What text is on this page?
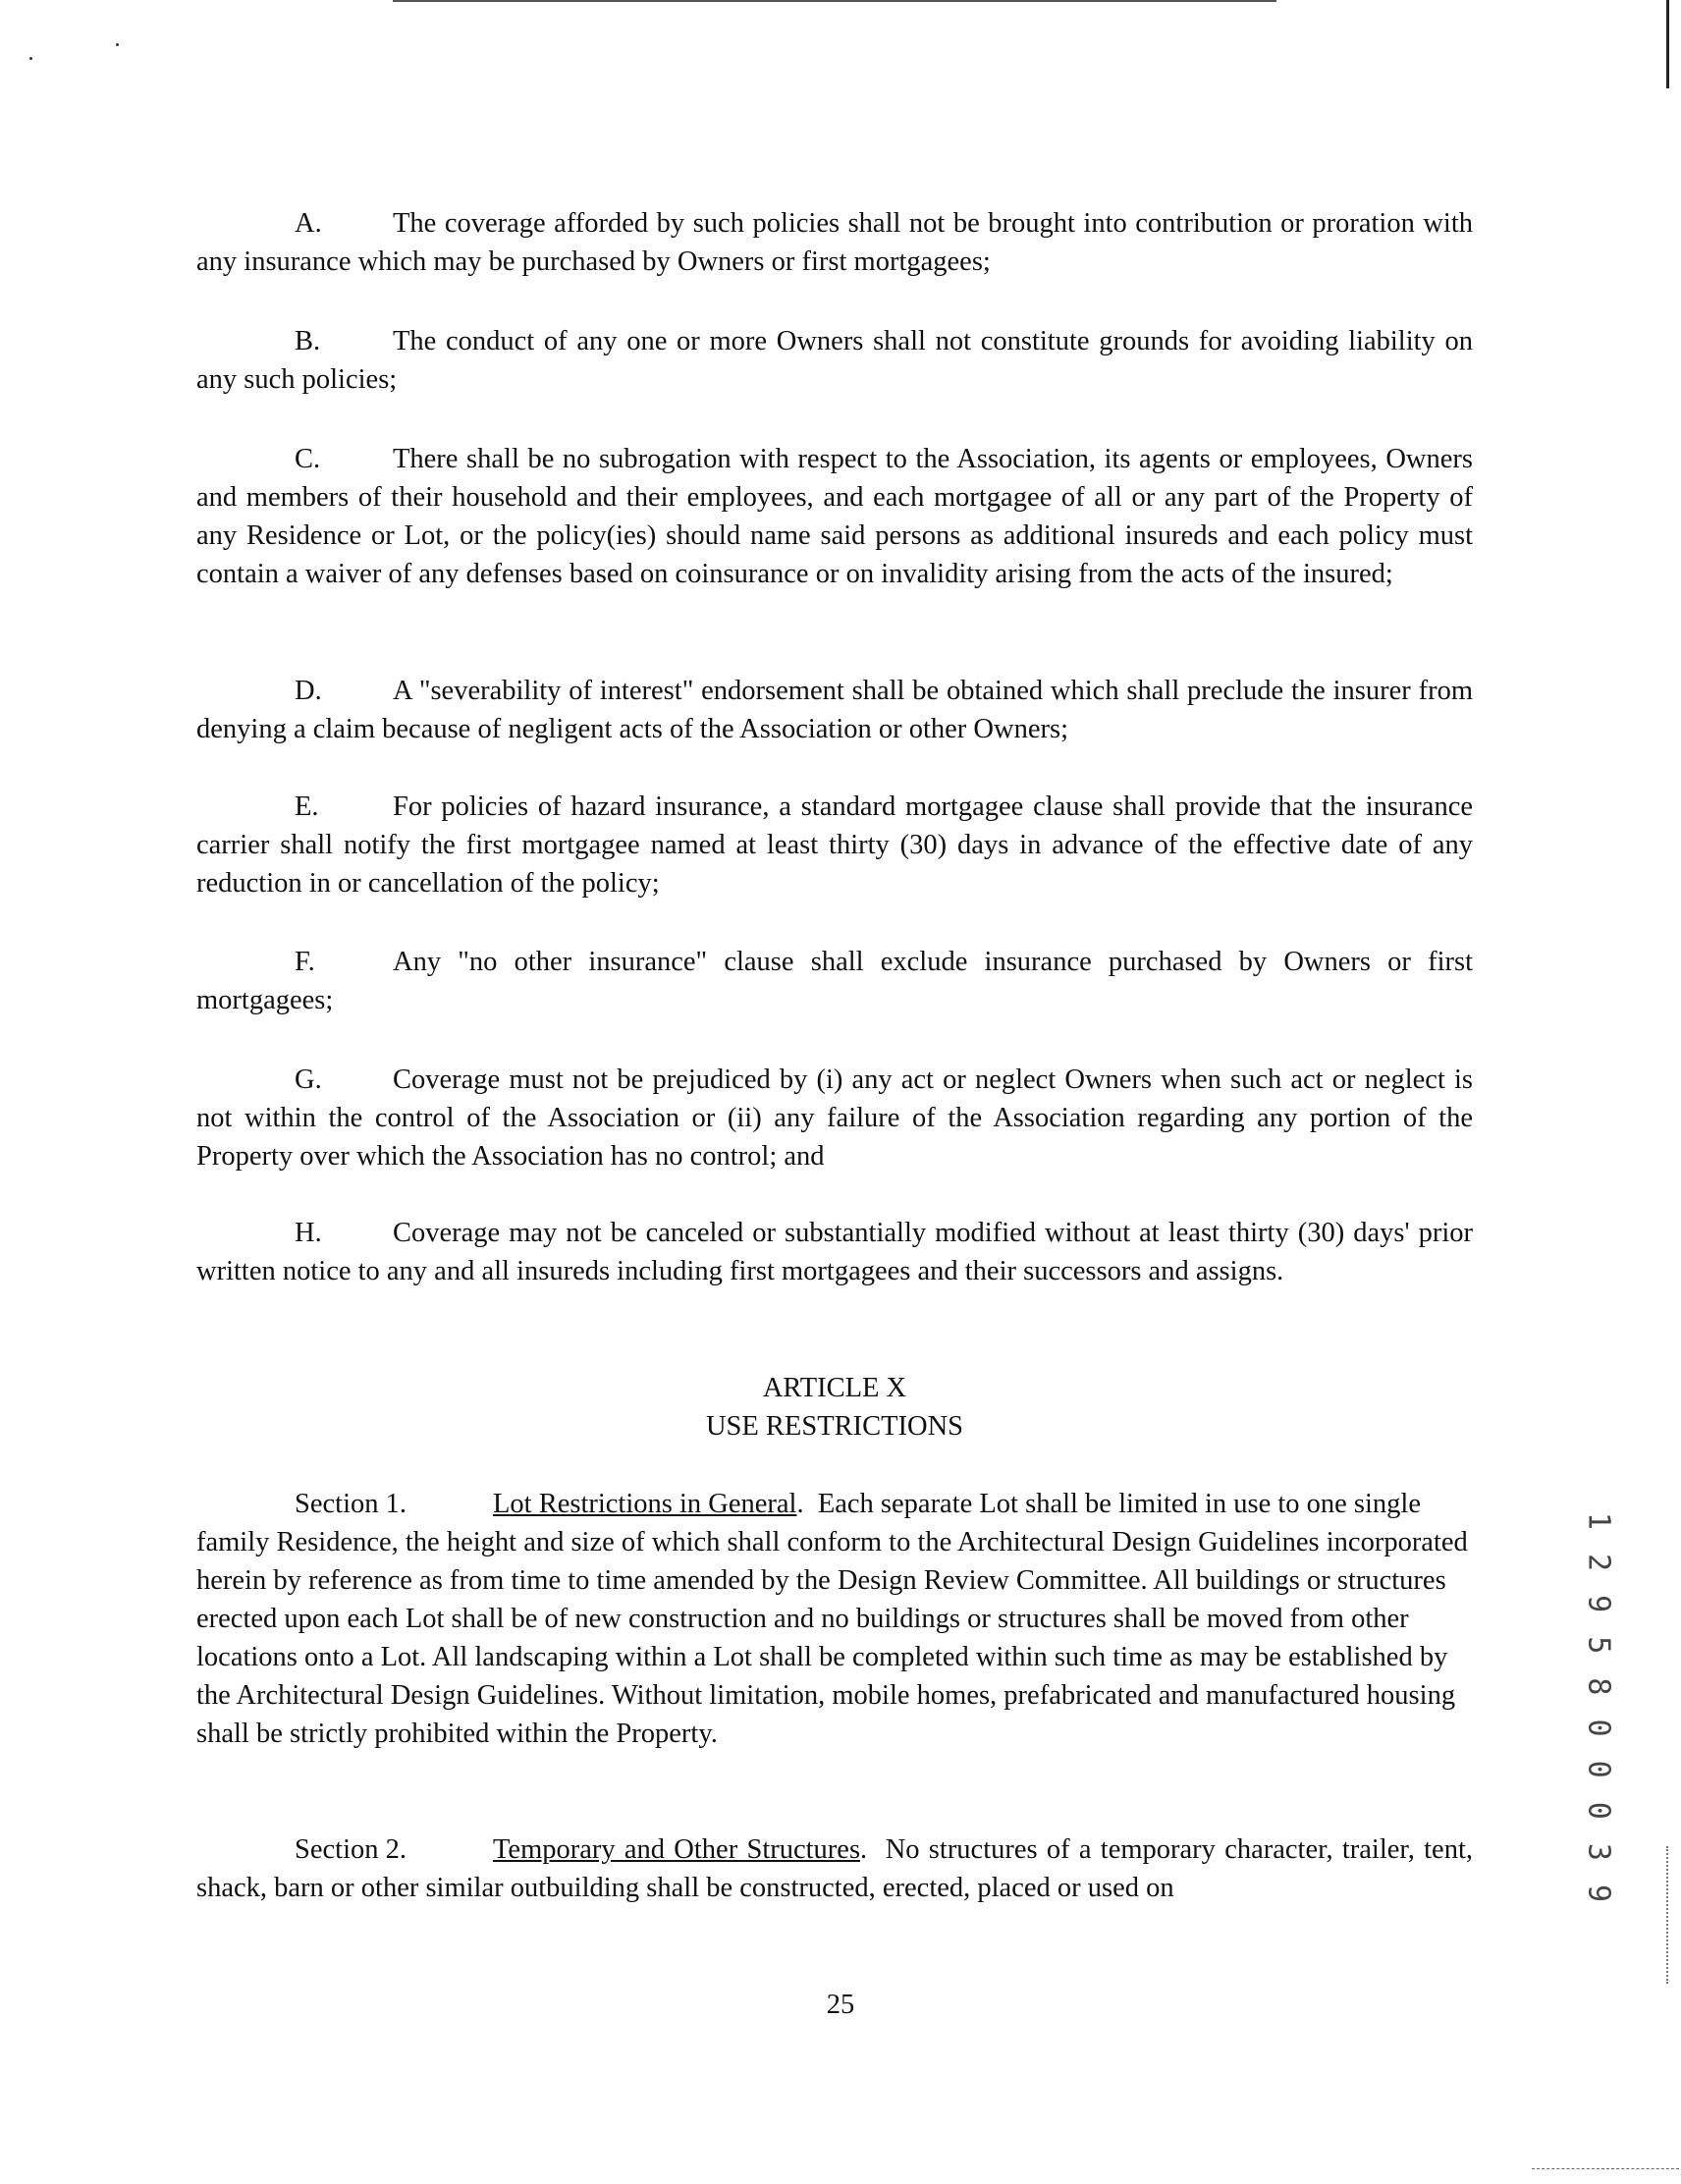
A.	The coverage afforded by such policies shall not be brought into contribution or proration with any insurance which may be purchased by Owners or first mortgagees;

B.	The conduct of any one or more Owners shall not constitute grounds for avoiding liability on any such policies;

C.	There shall be no subrogation with respect to the Association, its agents or employees, Owners and members of their household and their employees, and each mortgagee of all or any part of the Property of any Residence or Lot, or the policy(ies) should name said persons as additional insureds and each policy must contain a waiver of any defenses based on coinsurance or on invalidity arising from the acts of the insured;

D.	A "severability of interest" endorsement shall be obtained which shall preclude the insurer from denying a claim because of negligent acts of the Association or other Owners;

E.	For policies of hazard insurance, a standard mortgagee clause shall provide that the insurance carrier shall notify the first mortgagee named at least thirty (30) days in advance of the effective date of any reduction in or cancellation of the policy;

F.	Any "no other insurance" clause shall exclude insurance purchased by Owners or first mortgagees;

G.	Coverage must not be prejudiced by (i) any act or neglect Owners when such act or neglect is not within the control of the Association or (ii) any failure of the Association regarding any portion of the Property over which the Association has no control; and

H.	Coverage may not be canceled or substantially modified without at least thirty (30) days' prior written notice to any and all insureds including first mortgagees and their successors and assigns.

ARTICLE X
USE RESTRICTIONS

Section 1.	Lot Restrictions in General. Each separate Lot shall be limited in use to one single family Residence, the height and size of which shall conform to the Architectural Design Guidelines incorporated herein by reference as from time to time amended by the Design Review Committee. All buildings or structures erected upon each Lot shall be of new construction and no buildings or structures shall be moved from other locations onto a Lot. All landscaping within a Lot shall be completed within such time as may be established by the Architectural Design Guidelines. Without limitation, mobile homes, prefabricated and manufactured housing shall be strictly prohibited within the Property.

Section 2.	Temporary and Other Structures. No structures of a temporary character, trailer, tent, shack, barn or other similar outbuilding shall be constructed, erected, placed or used on	1 2 9 5 8 0 0 0 3 9
25
